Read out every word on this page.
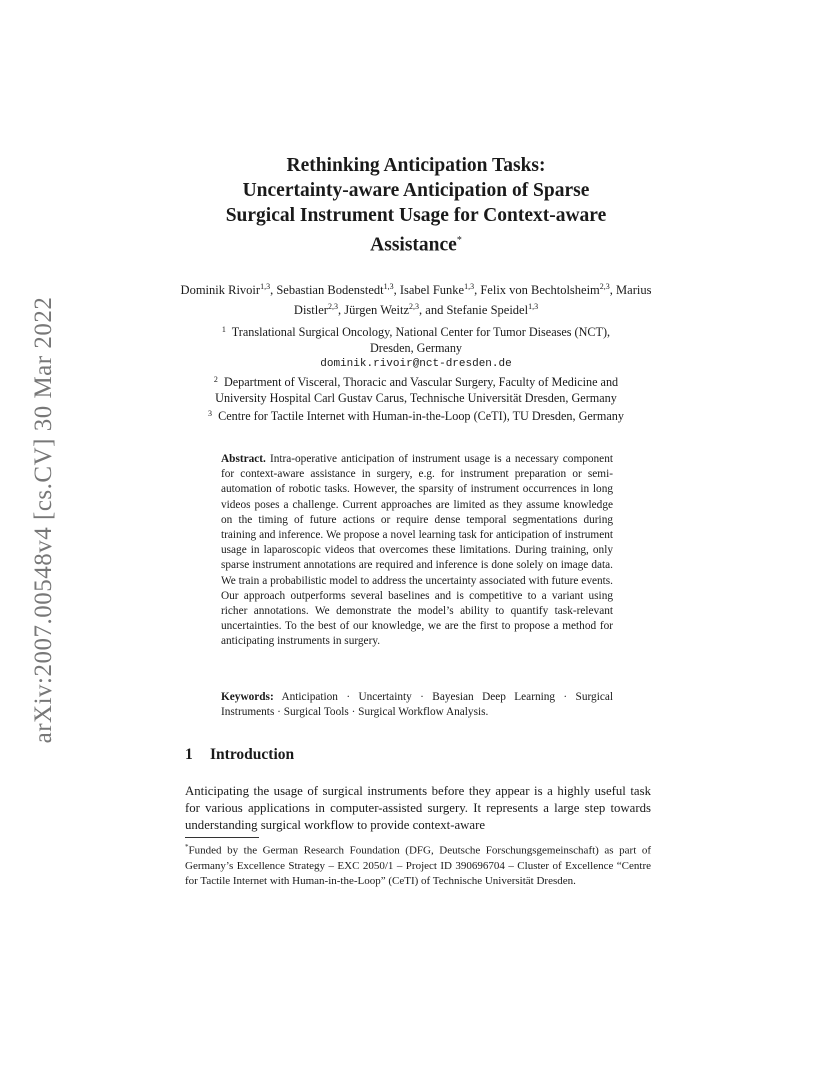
arXiv:2007.00548v4 [cs.CV] 30 Mar 2022
Rethinking Anticipation Tasks:
Uncertainty-aware Anticipation of Sparse
Surgical Instrument Usage for Context-aware
Assistance*
Dominik Rivoir$^{1,3}$, Sebastian Bodenstedt$^{1,3}$, Isabel Funke$^{1,3}$, Felix von Bechtolsheim$^{2,3}$, Marius Distler$^{2,3}$, Jürgen Weitz$^{2,3}$, and Stefanie Speidel$^{1,3}$
$^1$ Translational Surgical Oncology, National Center for Tumor Diseases (NCT),
Dresden, Germany
dominik.rivoir@nct-dresden.de
$^2$ Department of Visceral, Thoracic and Vascular Surgery, Faculty of Medicine and
University Hospital Carl Gustav Carus, Technische Universität Dresden, Germany
$^3$ Centre for Tactile Internet with Human-in-the-Loop (CeTI), TU Dresden, Germany
Abstract. Intra-operative anticipation of instrument usage is a necessary component for context-aware assistance in surgery, e.g. for instrument preparation or semi-automation of robotic tasks. However, the sparsity of instrument occurrences in long videos poses a challenge. Current approaches are limited as they assume knowledge on the timing of future actions or require dense temporal segmentations during training and inference. We propose a novel learning task for anticipation of instrument usage in laparoscopic videos that overcomes these limitations. During training, only sparse instrument annotations are required and inference is done solely on image data. We train a probabilistic model to address the uncertainty associated with future events. Our approach outperforms several baselines and is competitive to a variant using richer annotations. We demonstrate the model’s ability to quantify task-relevant uncertainties. To the best of our knowledge, we are the first to propose a method for anticipating instruments in surgery.
Keywords: Anticipation · Uncertainty · Bayesian Deep Learning · Surgical Instruments · Surgical Tools · Surgical Workflow Analysis.
1 Introduction
Anticipating the usage of surgical instruments before they appear is a highly useful task for various applications in computer-assisted surgery. It represents a large step towards understanding surgical workflow to provide context-aware
*Funded by the German Research Foundation (DFG, Deutsche Forschungsgemeinschaft) as part of Germany’s Excellence Strategy – EXC 2050/1 – Project ID 390696704 – Cluster of Excellence “Centre for Tactile Internet with Human-in-the-Loop” (CeTI) of Technische Universität Dresden.
